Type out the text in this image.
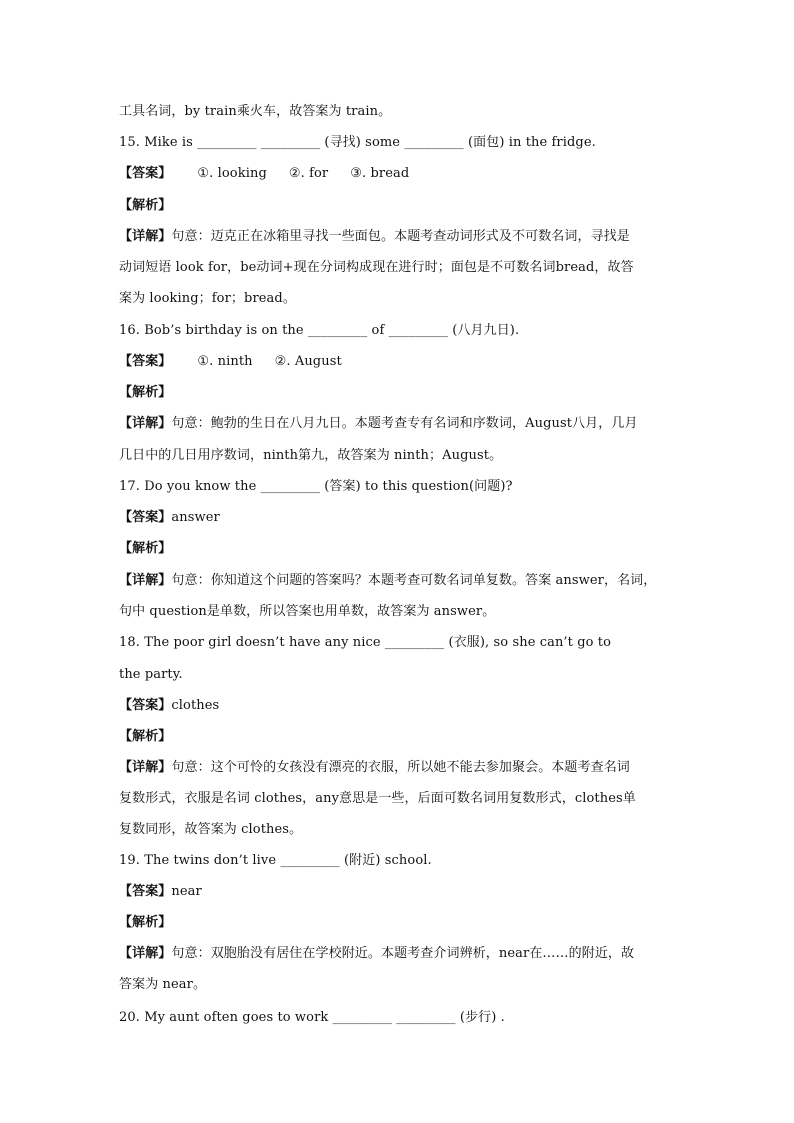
工具名词，by train乘火车，故答案为 train。
15. Mike is _________ _________ (寻找) some _________ (面包) in the fridge.
【答案】 ①. looking ②. for ③. bread
【解析】
【详解】句意：迈克正在冰箱里寻找一些面包。本题考查动词形式及不可数名词，寻找是
动词短语 look for，be动词+现在分词构成现在进行时；面包是不可数名词bread，故答
案为 looking；for；bread。
16. Bob’s birthday is on the _________ of _________ (八月九日).
【答案】 ①. ninth ②. August
【解析】
【详解】句意：鲍勃的生日在八月九日。本题考查专有名词和序数词，August八月，几月
几日中的几日用序数词，ninth第九，故答案为 ninth；August。
17. Do you know the _________ (答案) to this question(问题)?
【答案】answer
【解析】
【详解】句意：你知道这个问题的答案吗？本题考查可数名词单复数。答案 answer，名词，
句中 question是单数，所以答案也用单数，故答案为 answer。
18. The poor girl doesn’t have any nice _________ (衣服), so she can’t go to
the party.
【答案】clothes
【解析】
【详解】句意：这个可怜的女孩没有漂亮的衣服，所以她不能去参加聚会。本题考查名词
复数形式，衣服是名词 clothes，any意思是一些，后面可数名词用复数形式，clothes单
复数同形，故答案为 clothes。
19. The twins don’t live _________ (附近) school.
【答案】near
【解析】
【详解】句意：双胞胎没有居住在学校附近。本题考查介词辨析，near在……的附近，故
答案为 near。
20. My aunt often goes to work _________ _________ (步行) .
